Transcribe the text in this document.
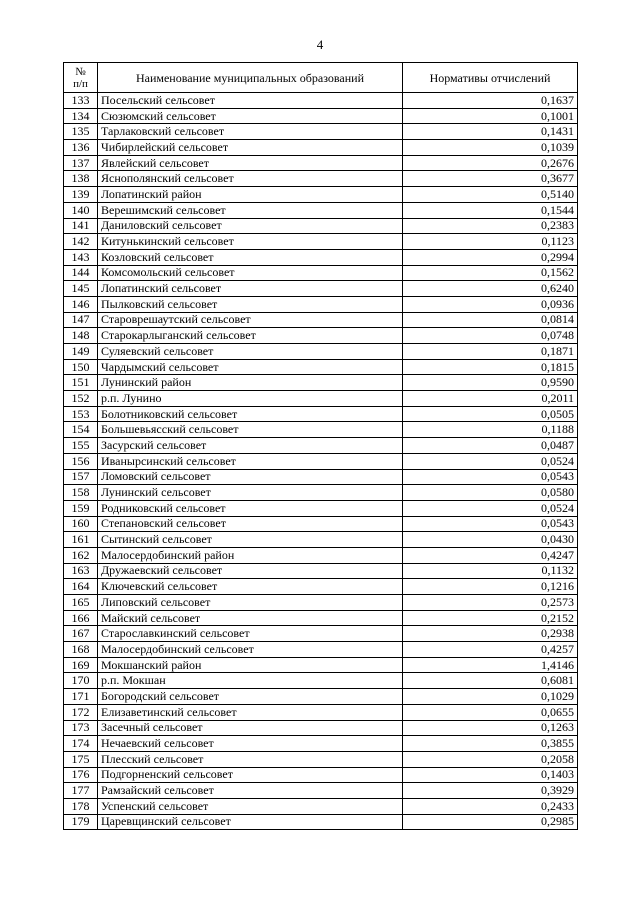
4
№
п/п	Наименование муниципальных образований	Нормативы отчислений
133	Посельский сельсовет	0,1637
134	Сюзюмский сельсовет	0,1001
135	Тарлаковский сельсовет	0,1431
136	Чибирлейский сельсовет	0,1039
137	Явлейский сельсовет	0,2676
138	Яснополянский сельсовет	0,3677
139	Лопатинский район	0,5140
140	Верешимский сельсовет	0,1544
141	Даниловский сельсовет	0,2383
142	Китунькинский сельсовет	0,1123
143	Козловский сельсовет	0,2994
144	Комсомольский сельсовет	0,1562
145	Лопатинский сельсовет	0,6240
146	Пылковский сельсовет	0,0936
147	Староврешаутский сельсовет	0,0814
148	Старокарлыганский сельсовет	0,0748
149	Суляевский сельсовет	0,1871
150	Чардымский сельсовет	0,1815
151	Лунинский район	0,9590
152	р.п. Лунино	0,2011
153	Болотниковский сельсовет	0,0505
154	Большевьясский сельсовет	0,1188
155	Засурский сельсовет	0,0487
156	Иванырсинский сельсовет	0,0524
157	Ломовский сельсовет	0,0543
158	Лунинский сельсовет	0,0580
159	Родниковский сельсовет	0,0524
160	Степановский сельсовет	0,0543
161	Сытинский сельсовет	0,0430
162	Малосердобинский район	0,4247
163	Дружаевский сельсовет	0,1132
164	Ключевский сельсовет	0,1216
165	Липовский сельсовет	0,2573
166	Майский сельсовет	0,2152
167	Старославкинский сельсовет	0,2938
168	Малосердобинский сельсовет	0,4257
169	Мокшанский район	1,4146
170	р.п. Мокшан	0,6081
171	Богородский сельсовет	0,1029
172	Елизаветинский сельсовет	0,0655
173	Засечный сельсовет	0,1263
174	Нечаевский сельсовет	0,3855
175	Плесский сельсовет	0,2058
176	Подгорненский сельсовет	0,1403
177	Рамзайский сельсовет	0,3929
178	Успенский сельсовет	0,2433
179	Царевщинский сельсовет	0,2985
